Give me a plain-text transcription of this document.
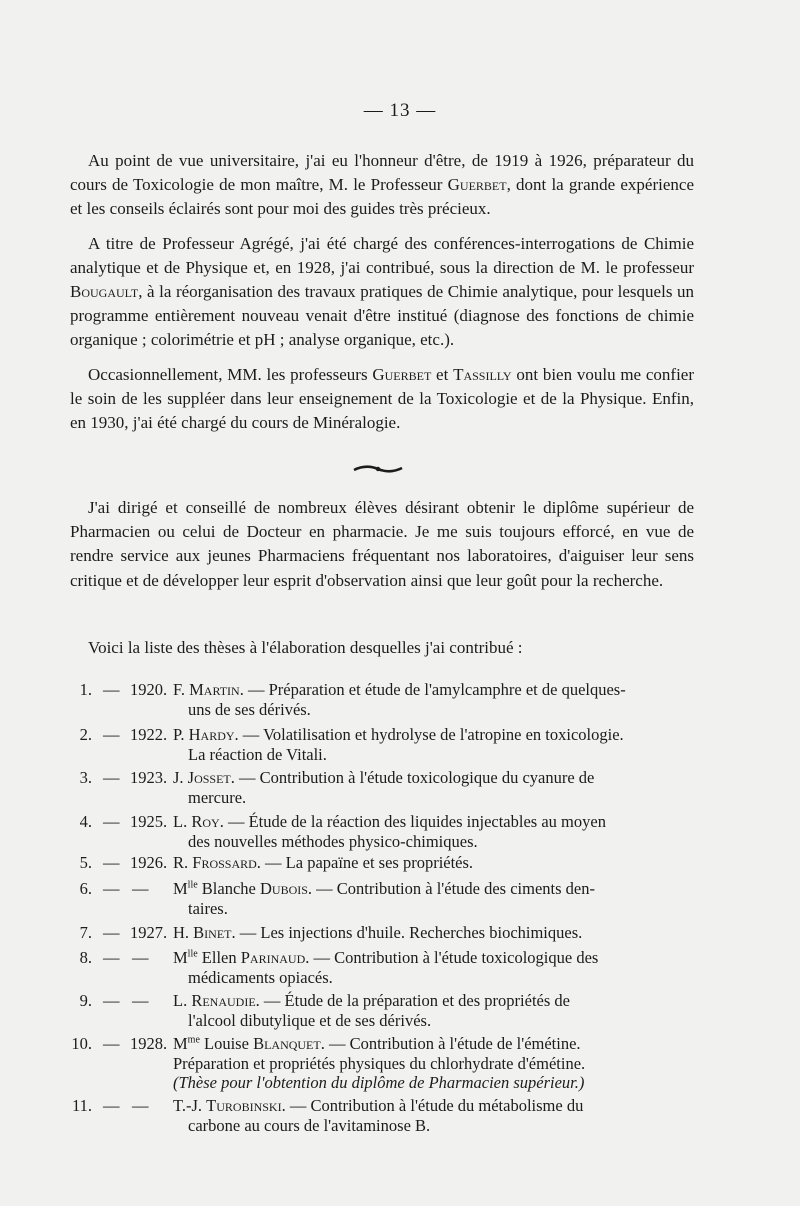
— 13 —

Au point de vue universitaire, j'ai eu l'honneur d'être, de 1919 à 1926, préparateur du cours de Toxicologie de mon maître, M. le Professeur Guerbet, dont la grande expérience et les conseils éclairés sont pour moi des guides très précieux.

A titre de Professeur Agrégé, j'ai été chargé des conférences-interrogations de Chimie analytique et de Physique et, en 1928, j'ai contribué, sous la direction de M. le professeur Bougault, à la réorganisation des travaux pratiques de Chimie analytique, pour lesquels un programme entièrement nouveau venait d'être institué (diagnose des fonctions de chimie organique ; colorimétrie et pH ; analyse organique, etc.).

Occasionnellement, MM. les professeurs Guerbet et Tassilly ont bien voulu me confier le soin de les suppléer dans leur enseignement de la Toxicologie et de la Physique. Enfin, en 1930, j'ai été chargé du cours de Minéralogie.

J'ai dirigé et conseillé de nombreux élèves désirant obtenir le diplôme supérieur de Pharmacien ou celui de Docteur en pharmacie. Je me suis toujours efforcé, en vue de rendre service aux jeunes Pharmaciens fréquentant nos laboratoires, d'aiguiser leur sens critique et de développer leur esprit d'observation ainsi que leur goût pour la recherche.

Voici la liste des thèses à l'élaboration desquelles j'ai contribué :

1. — 1920. F. Martin. — Préparation et étude de l'amylcamphre et de quelques-
uns de ses dérivés.
2. — 1922. P. Hardy. — Volatilisation et hydrolyse de l'atropine en toxicologie.
La réaction de Vitali.
3. — 1923. J. Josset. — Contribution à l'étude toxicologique du cyanure de
mercure.
4. — 1925. L. Roy. — Étude de la réaction des liquides injectables au moyen
des nouvelles méthodes physico-chimiques.
5. — 1926. R. Frossard. — La papaïne et ses propriétés.
6. — — $M^{lle}$ Blanche Dubois. — Contribution à l'étude des ciments den-
taires.
7. — 1927. H. Binet. — Les injections d'huile. Recherches biochimiques.
8. — — $M^{lle}$ Ellen Parinaud. — Contribution à l'étude toxicologique des
médicaments opiacés.
9. — — L. Renaudie. — Étude de la préparation et des propriétés de
l'alcool dibutylique et de ses dérivés.
10. — 1928. $M^{me}$ Louise Blanquet. — Contribution à l'étude de l'émétine.
Préparation et propriétés physiques du chlorhydrate d'émétine.
(Thèse pour l'obtention du diplôme de Pharmacien supérieur.)
11. — — T.-J. Turobinski. — Contribution à l'étude du métabolisme du
carbone au cours de l'avitaminose B.
